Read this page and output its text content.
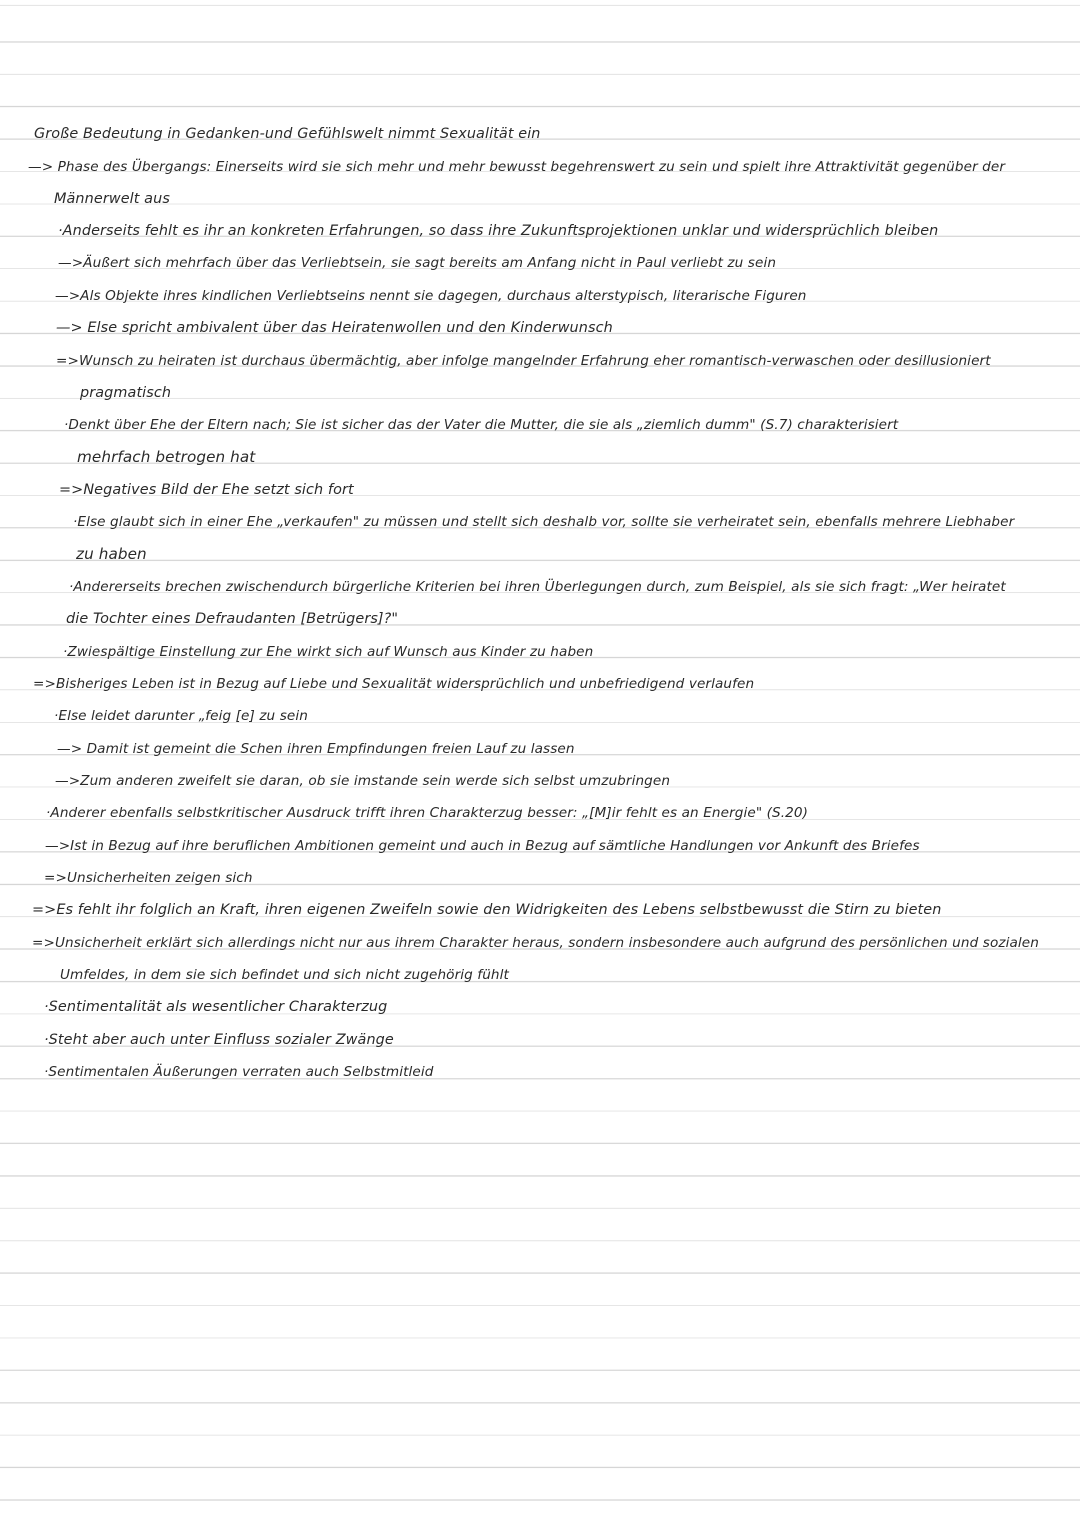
Große Bedeutung in Gedanken-und Gefühlswelt nimmt Sexualität ein
—> Phase des Übergangs: Einerseits wird sie sich mehr und mehr bewusst begehrenswert zu sein und spielt ihre Attraktivität gegenüber der
Männerwelt aus
·Anderseits fehlt es ihr an konkreten Erfahrungen, so dass ihre Zukunftsprojektionen unklar und widersprüchlich bleiben
—>Äußert sich mehrfach über das Verliebtsein, sie sagt bereits am Anfang nicht in Paul verliebt zu sein
—>Als Objekte ihres kindlichen Verliebtseins nennt sie dagegen, durchaus alterstypisch, literarische Figuren
—> Else spricht ambivalent über das Heiratenwollen und den Kinderwunsch
=>Wunsch zu heiraten ist durchaus übermächtig, aber infolge mangelnder Erfahrung eher romantisch-verwaschen oder desillusioniert
pragmatisch
·Denkt über Ehe der Eltern nach; Sie ist sicher das der Vater die Mutter, die sie als „ziemlich dumm" (S.7) charakterisiert
mehrfach betrogen hat
=>Negatives Bild der Ehe setzt sich fort
·Else glaubt sich in einer Ehe „verkaufen" zu müssen und stellt sich deshalb vor, sollte sie verheiratet sein, ebenfalls mehrere Liebhaber
zu haben
·Andererseits brechen zwischendurch bürgerliche Kriterien bei ihren Überlegungen durch, zum Beispiel, als sie sich fragt: „Wer heiratet
die Tochter eines Defraudanten [Betrügers]?"
·Zwiespältige Einstellung zur Ehe wirkt sich auf Wunsch aus Kinder zu haben
=>Bisheriges Leben ist in Bezug auf Liebe und Sexualität widersprüchlich und unbefriedigend verlaufen
·Else leidet darunter „feig [e] zu sein
—> Damit ist gemeint die Schen ihren Empfindungen freien Lauf zu lassen
—>Zum anderen zweifelt sie daran, ob sie imstande sein werde sich selbst umzubringen
·Anderer ebenfalls selbstkritischer Ausdruck trifft ihren Charakterzug besser: „[M]ir fehlt es an Energie" (S.20)
—>Ist in Bezug auf ihre beruflichen Ambitionen gemeint und auch in Bezug auf sämtliche Handlungen vor Ankunft des Briefes
=>Unsicherheiten zeigen sich
=>Es fehlt ihr folglich an Kraft, ihren eigenen Zweifeln sowie den Widrigkeiten des Lebens selbstbewusst die Stirn zu bieten
=>Unsicherheit erklärt sich allerdings nicht nur aus ihrem Charakter heraus, sondern insbesondere auch aufgrund des persönlichen und sozialen
Umfeldes, in dem sie sich befindet und sich nicht zugehörig fühlt
·Sentimentalität als wesentlicher Charakterzug
·Steht aber auch unter Einfluss sozialer Zwänge
·Sentimentalen Äußerungen verraten auch Selbstmitleid
